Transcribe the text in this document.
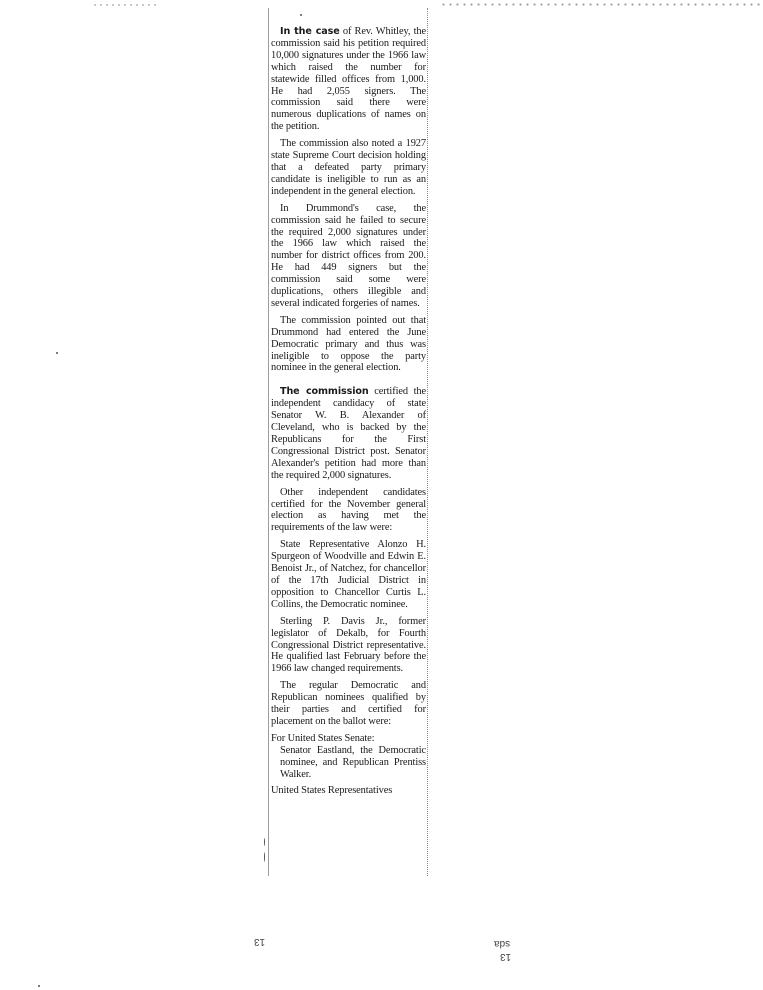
In the case of Rev. Whitley, the commission said his petition required 10,000 signatures under the 1966 law which raised the number for statewide filled offices from 1,000. He had 2,055 signers. The commission said there were numerous duplications of names on the petition.

The commission also noted a 1927 state Supreme Court decision holding that a defeated party primary candidate is ineligible to run as an independent in the general election.

In Drummond's case, the commission said he failed to secure the required 2,000 signatures under the 1966 law which raised the number for district offices from 200. He had 449 signers but the commission said some were duplications, others illegible and several indicated forgeries of names.

The commission pointed out that Drummond had entered the June Democratic primary and thus was ineligible to oppose the party nominee in the general election.

The commission certified the independent candidacy of state Senator W. B. Alexander of Cleveland, who is backed by the Republicans for the First Congressional District post. Senator Alexander's petition had more than the required 2,000 signatures.

Other independent candidates certified for the November general election as having met the requirements of the law were:

State Representative Alonzo H. Spurgeon of Woodville and Edwin E. Benoist Jr., of Natchez, for chancellor of the 17th Judicial District in opposition to Chancellor Curtis L. Collins, the Democratic nominee.

Sterling P. Davis Jr., former legislator of Dekalb, for Fourth Congressional District representative. He qualified last February before the 1966 law changed requirements.

The regular Democratic and Republican nominees qualified by their parties and certified for placement on the ballot were:

For United States Senate:

Senator Eastland, the Democratic nominee, and Republican Prentiss Walker.

United States Representatives

13	sda
13
